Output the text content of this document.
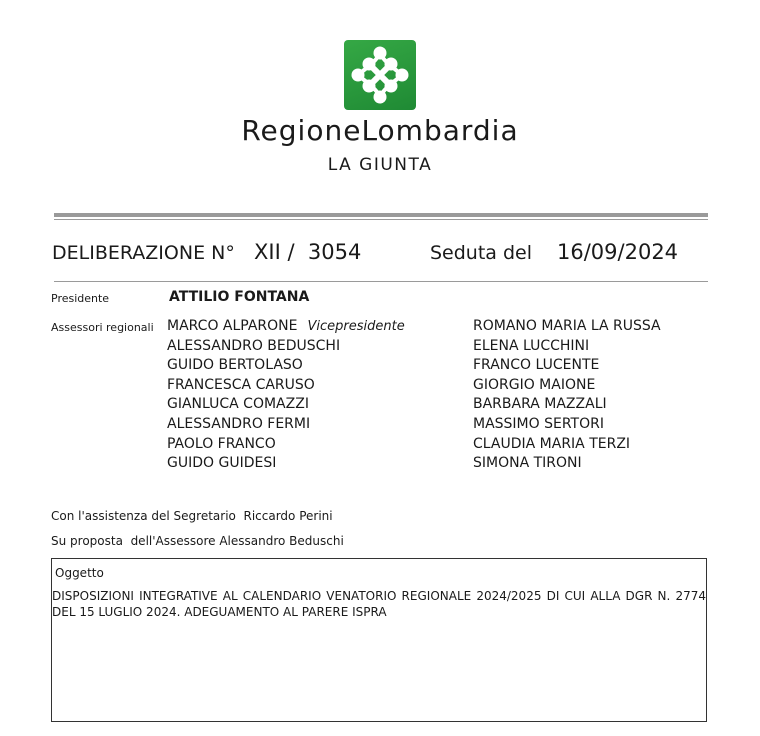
RegioneLombardia
LA GIUNTA
DELIBERAZIONE N° XII /  3054	Seduta del 16/09/2024
Presidente	ATTILIO FONTANA
Assessori regionali MARCO ALPARONE Vicepresidente
ALESSANDRO BEDUSCHI
GUIDO BERTOLASO
FRANCESCA CARUSO
GIANLUCA COMAZZI
ALESSANDRO FERMI
PAOLO FRANCO
GUIDO GUIDESI
ROMANO MARIA LA RUSSA
ELENA LUCCHINI
FRANCO LUCENTE
GIORGIO MAIONE
BARBARA MAZZALI
MASSIMO SERTORI
CLAUDIA MARIA TERZI
SIMONA TIRONI
Con l'assistenza del Segretario  Riccardo Perini
Su proposta  dell'Assessore Alessandro Beduschi
Oggetto
DISPOSIZIONI INTEGRATIVE AL CALENDARIO VENATORIO REGIONALE 2024/2025 DI CUI ALLA DGR N. 2774 DEL 15 LUGLIO 2024. ADEGUAMENTO AL PARERE ISPRA
